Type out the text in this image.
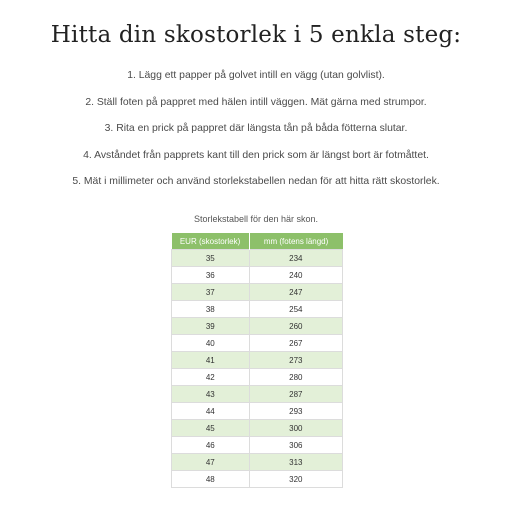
Hitta din skostorlek i 5 enkla steg:
1. Lägg ett papper på golvet intill en vägg (utan golvlist).
2. Ställ foten på pappret med hälen intill väggen. Mät gärna med strumpor.
3. Rita en prick på pappret där längsta tån på båda fötterna slutar.
4. Avståndet från papprets kant till den prick som är längst bort är fotmåttet.
5. Mät i millimeter och använd storlekstabellen nedan för att hitta rätt skostorlek.
Storlekstabell för den här skon.
EUR (skostorlek)	mm (fotens längd)
35	234
36	240
37	247
38	254
39	260
40	267
41	273
42	280
43	287
44	293
45	300
46	306
47	313
48	320
